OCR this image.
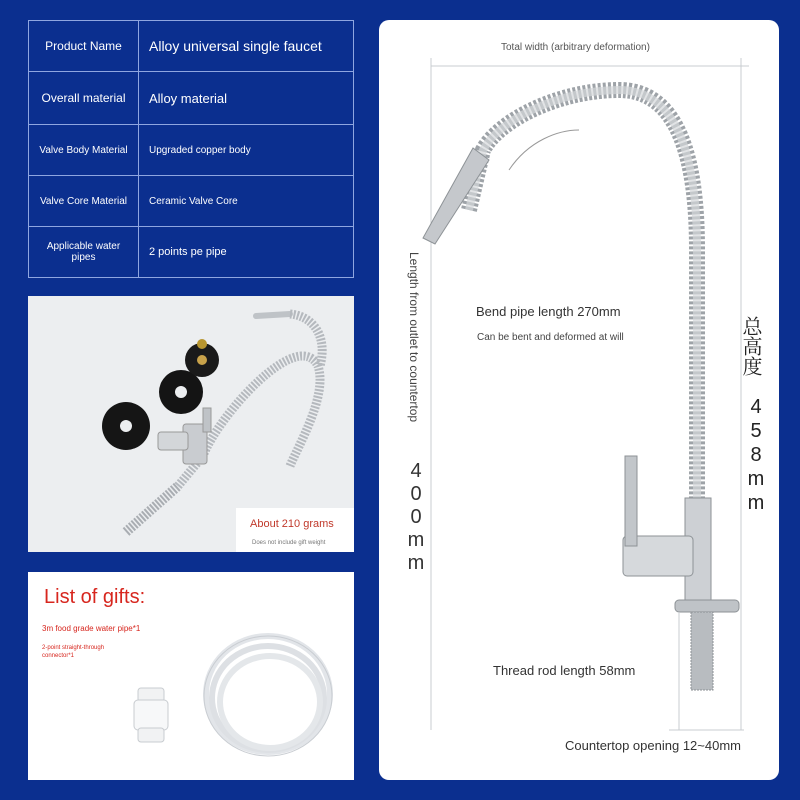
Product Name	Alloy universal single faucet
Overall material	Alloy material
Valve Body Material	Upgraded copper body
Valve Core Material	Ceramic Valve Core
Applicable water pipes	2 points pe pipe
About 210 grams
Does not include gift weight
List of gifts:
3m food grade water pipe*1
2-point straight-through connector*1
Total width (arbitrary deformation)
Bend pipe length 270mm
Can be bent and deformed at will
Length from outlet to countertop
400mm
总高度
458mm
Thread rod length 58mm
Countertop opening 12~40mm
